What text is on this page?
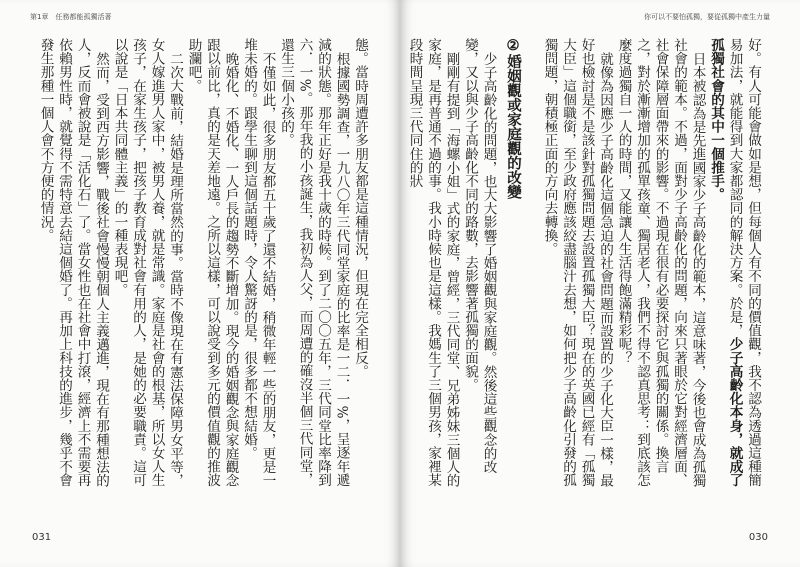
第1章　任務都能孤獨活著

態。當時周遭許多朋友都是這種情況，但現在完全相反。

根據國勢調查，一九八〇年三代同堂家庭的比率是一二．一%，呈逐年遞減的狀態。那年正好是我十歲的時候。到了二〇〇五年，三代同堂比率降到六．一%。那年我的小孩誕生，我初為人父，而周遭的確沒半個三代同堂，還生三個小孩的。

不僅如此，很多朋友都五十歲了還不結婚，稍微年輕一些的朋友，更是一堆未婚的。跟學生聊到這個話題時，令人驚訝的是，很多都不想結婚。

晚婚化、不婚化、一人戶長的趨勢不斷增加。現今的婚姻觀念與家庭觀念跟以前比，真的是天差地遠。之所以這樣，可以說受到多元的價值觀的推波助瀾吧。

二次大戰前，結婚是理所當然的事。當時不像現在有憲法保障男女平等，女人嫁進男人家中，被男人養，就是常識。家庭是社會的根基，所以女人生孩子，在家生孩子，把孩子教育成對社會有用的人，是她的必要職責。這可以說是「日本共同體主義」的一種表現吧。

然而，受到西方影響，戰後社會慢慢朝個人主義邁進，現在有那種想法的人，反而會被說是「活化石」了。當女性也在社會中打滾，經濟上不需要再依賴男性時，就覺得不需特意去結這個婚了。再加上科技的進步，幾乎不會發生那種一個人會不方便的情況。

031
你可以不要怕孤獨，要從孤獨中產生力量

好。有人可能會做如是想，但每個人有不同的價值觀，我不認為透過這種簡易加法，就能得到大家都認同的解決方案。於是，少子高齡化本身，就成了孤獨社會的其中一個推手。

日本被認為是先進國家少子高齡化的範本，這意味著，今後也會成為孤獨社會的範本。不過，面對少子高齡化的問題，向來只著眼於它對經濟層面、社會保障層面帶來的影響。不過現在很有必要探討它與孤獨的關係。換言之，對於漸漸增加的孤單孩童、獨居老人，我們不得不認真思考：到底該怎麼度過獨自一人的時間，又能讓人生活得飽滿精彩呢？

就像為因應少子高齡化這個急迫的社會問題而設置的少子化大臣一樣，最好也檢討是不是該針對孤獨問題去設置孤獨大臣？現在的英國已經有「孤獨大臣」這個職銜，至少政府應該絞盡腦汁去想，如何把少子高齡化引發的孤獨問題，朝積極正面的方向去轉換。

②婚姻觀或家庭觀的改變

少子高齡化的問題，也大大影響了婚姻觀與家庭觀。然後這些觀念的改變，又以與少子高齡化不同的路數，去影響著孤獨的面貌。

剛剛有提到「海螺小姐」式的家庭，曾經，三代同堂、兄弟姊妹三個人的家庭，是再普通不過的事。我小時候也是這樣。我媽生了三個男孩，家裡某段時間呈現三代同住的狀

030
